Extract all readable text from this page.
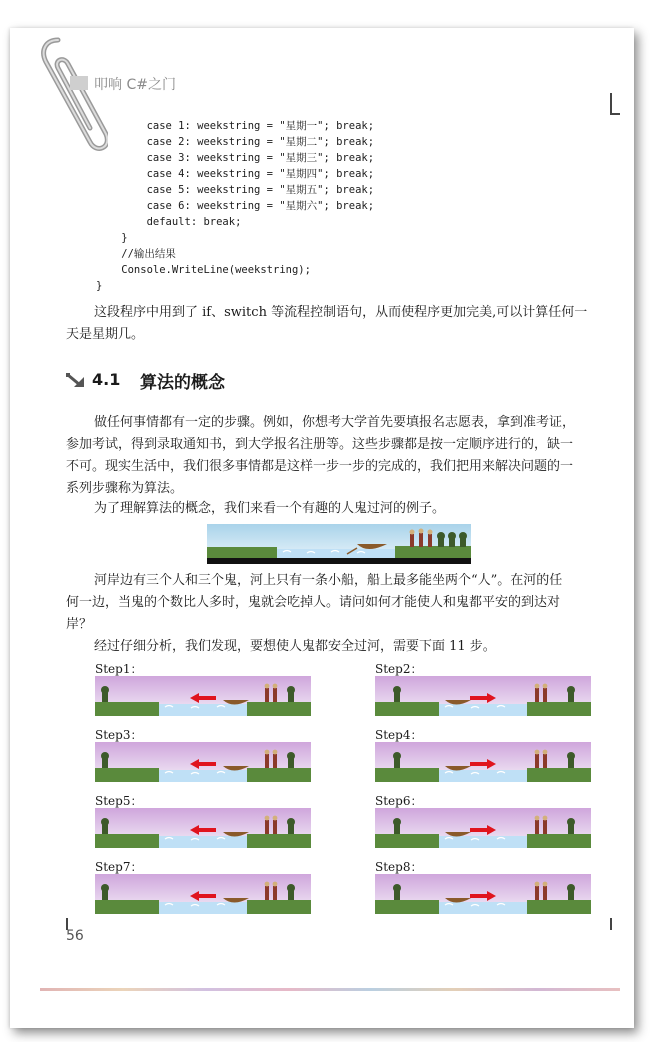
叩响 C#之门
case 1: weekstring = "星期一"; break;
case 2: weekstring = "星期二"; break;
case 3: weekstring = "星期三"; break;
case 4: weekstring = "星期四"; break;
case 5: weekstring = "星期五"; break;
case 6: weekstring = "星期六"; break;
default: break;
}
//输出结果
Console.WriteLine(weekstring);
}

这段程序中用到了 if、switch 等流程控制语句，从而使程序更加完美,可以计算任何一
天是星期几。

4.1 算法的概念

做任何事情都有一定的步骤。例如，你想考大学首先要填报名志愿表，拿到准考证，
参加考试，得到录取通知书，到大学报名注册等。这些步骤都是按一定顺序进行的，缺一
不可。现实生活中，我们很多事情都是这样一步一步的完成的，我们把用来解决问题的一
系列步骤称为算法。

为了理解算法的概念，我们来看一个有趣的人鬼过河的例子。

河岸边有三个人和三个鬼，河上只有一条小船，船上最多能坐两个“人”。在河的任
何一边，当鬼的个数比人多时，鬼就会吃掉人。请问如何才能使人和鬼都平安的到达对
岸？

经过仔细分析，我们发现，要想使人鬼都安全过河，需要下面 11 步。

Step1：	Step2：
Step3：	Step4：
Step5：	Step6：
Step7：	Step8：
56
